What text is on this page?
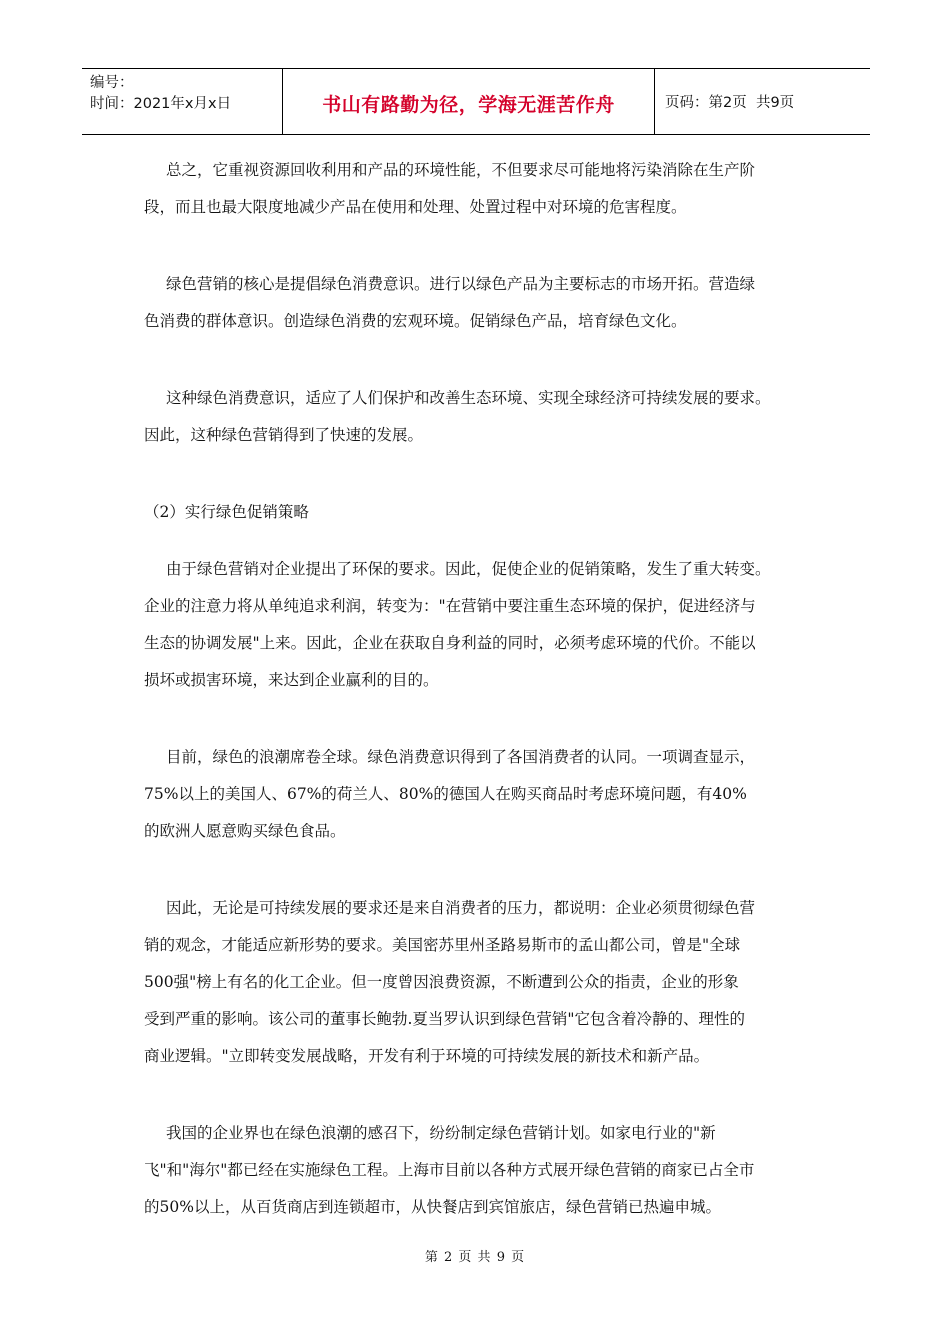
编号：
时间：2021年x月x日	书山有路勤为径，学海无涯苦作舟	页码：第2页  共9页
总之，它重视资源回收利用和产品的环境性能，不但要求尽可能地将污染消除在生产阶
段，而且也最大限度地减少产品在使用和处理、处置过程中对环境的危害程度。
绿色营销的核心是提倡绿色消费意识。进行以绿色产品为主要标志的市场开拓。营造绿
色消费的群体意识。创造绿色消费的宏观环境。促销绿色产品，培育绿色文化。
这种绿色消费意识，适应了人们保护和改善生态环境、实现全球经济可持续发展的要求。
因此，这种绿色营销得到了快速的发展。
（2）实行绿色促销策略
由于绿色营销对企业提出了环保的要求。因此，促使企业的促销策略，发生了重大转变。
企业的注意力将从单纯追求利润，转变为："在营销中要注重生态环境的保护，促进经济与
生态的协调发展"上来。因此，企业在获取自身利益的同时，必须考虑环境的代价。不能以
损坏或损害环境，来达到企业赢利的目的。
目前，绿色的浪潮席卷全球。绿色消费意识得到了各国消费者的认同。一项调查显示，
75%以上的美国人、67%的荷兰人、80%的德国人在购买商品时考虑环境问题，有40%
的欧洲人愿意购买绿色食品。
因此，无论是可持续发展的要求还是来自消费者的压力，都说明：企业必须贯彻绿色营
销的观念，才能适应新形势的要求。美国密苏里州圣路易斯市的孟山都公司，曾是"全球
500强"榜上有名的化工企业。但一度曾因浪费资源，不断遭到公众的指责，企业的形象
受到严重的影响。该公司的董事长鲍勃.夏当罗认识到绿色营销"它包含着冷静的、理性的
商业逻辑。"立即转变发展战略，开发有利于环境的可持续发展的新技术和新产品。
我国的企业界也在绿色浪潮的感召下，纷纷制定绿色营销计划。如家电行业的"新
飞"和"海尔"都已经在实施绿色工程。上海市目前以各种方式展开绿色营销的商家已占全市
的50%以上，从百货商店到连锁超市，从快餐店到宾馆旅店，绿色营销已热遍申城。
第 2 页 共 9 页
